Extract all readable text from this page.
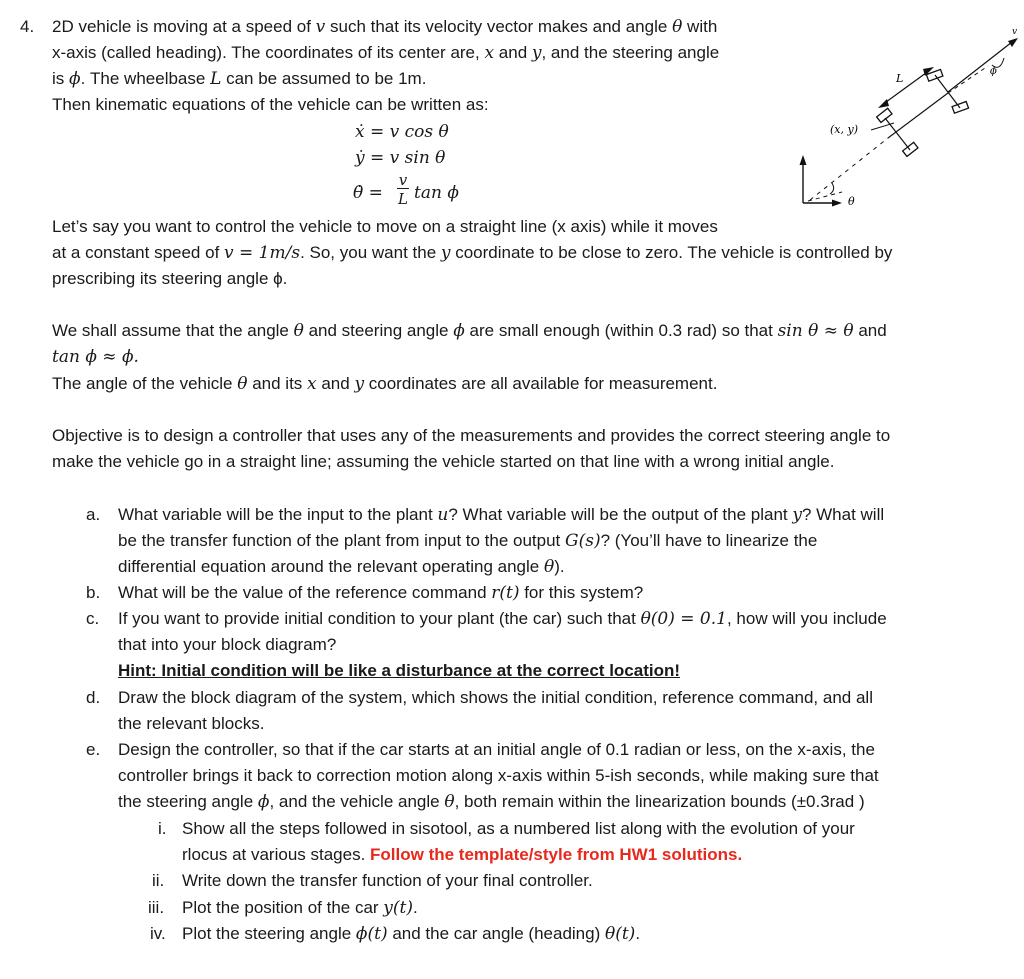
4. 2D vehicle is moving at a speed of v such that its velocity vector makes and angle θ with
x-axis (called heading). The coordinates of its center are, x and y, and the steering angle
is ϕ. The wheelbase L can be assumed to be 1m.
Then kinematic equations of the vehicle can be written as:
ẋ = v cos θ
ẏ = v sin θ
θ̇ =
v
L tan ϕ	θ
(x, y)
L
v
ϕ
Let’s say you want to control the vehicle to move on a straight line (x axis) while it moves
at a constant speed of v = 1m/s. So, you want the y coordinate to be close to zero. The vehicle is controlled by
prescribing its steering angle ϕ.
We shall assume that the angle θ and steering angle ϕ are small enough (within 0.3 rad) so that sin θ ≈ θ and
tan ϕ ≈ ϕ.
The angle of the vehicle θ and its x and y coordinates are all available for measurement.
Objective is to design a controller that uses any of the measurements and provides the correct steering angle to
make the vehicle go in a straight line; assuming the vehicle started on that line with a wrong initial angle.
a. What variable will be the input to the plant u? What variable will be the output of the plant y? What will
be the transfer function of the plant from input to the output G(s)? (You’ll have to linearize the
differential equation around the relevant operating angle θ).
b. What will be the value of the reference command r(t) for this system?
c. If you want to provide initial condition to your plant (the car) such that θ(0) = 0.1, how will you include
that into your block diagram?
Hint: Initial condition will be like a disturbance at the correct location!
d. Draw the block diagram of the system, which shows the initial condition, reference command, and all
the relevant blocks.
e. Design the controller, so that if the car starts at an initial angle of 0.1 radian or less, on the x-axis, the
controller brings it back to correction motion along x-axis within 5-ish seconds, while making sure that
the steering angle ϕ, and the vehicle angle θ, both remain within the linearization bounds (±0.3rad )
i. Show all the steps followed in sisotool, as a numbered list along with the evolution of your
rlocus at various stages. Follow the template/style from HW1 solutions.
ii. Write down the transfer function of your final controller.
iii. Plot the position of the car y(t).
iv. Plot the steering angle ϕ(t) and the car angle (heading) θ(t).
